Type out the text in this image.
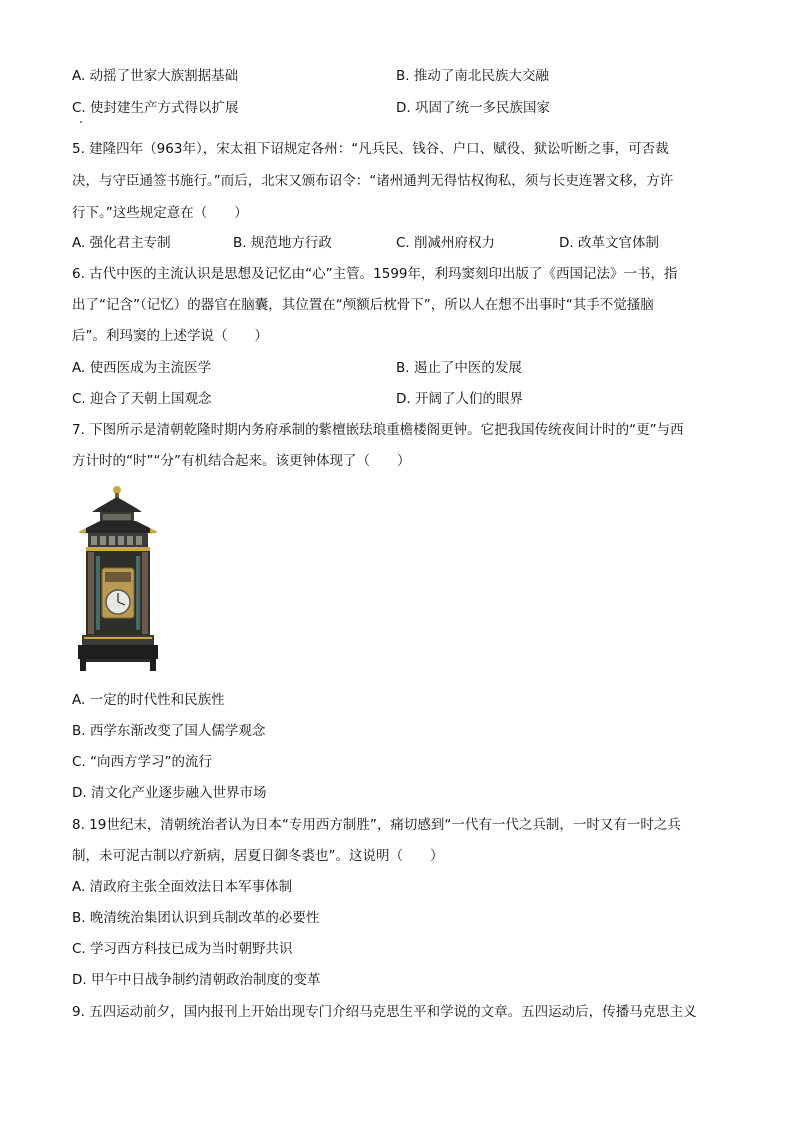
A. 动摇了世家大族割据基础	B. 推动了南北民族大交融
C. 使封建生产方式得以扩展	D. 巩固了统一多民族国家
5. 建隆四年（963年），宋太祖下诏规定各州：“凡兵民、钱谷、户口、赋役、狱讼听断之事，可否裁
决，与守臣通签书施行。”而后，北宋又颁布诏令：“诸州通判无得怙权徇私，须与长吏连署文移，方许
行下。”这些规定意在（　　）
A. 强化君主专制	B. 规范地方行政	C. 削减州府权力	D. 改革文官体制
6. 古代中医的主流认识是思想及记忆由“心”主管。1599年，利玛窦刻印出版了《西国记法》一书，指
出了“记含”（记忆）的器官在脑囊，其位置在“颅额后枕骨下”，所以人在想不出事时“其手不觉搔脑
后”。利玛窦的上述学说（　　）
A. 使西医成为主流医学	B. 遏止了中医的发展
C. 迎合了天朝上国观念	D. 开阔了人们的眼界
7. 下图所示是清朝乾隆时期内务府承制的紫檀嵌珐琅重檐楼阁更钟。它把我国传统夜间计时的“更”与西
方计时的“时”“分”有机结合起来。该更钟体现了（　　）
A. 一定的时代性和民族性
B. 西学东渐改变了国人儒学观念
C. “向西方学习”的流行
D. 清文化产业逐步融入世界市场
8. 19世纪末，清朝统治者认为日本“专用西方制胜”，痛切感到“一代有一代之兵制，一时又有一时之兵
制，未可泥古制以疗新病，居夏日御冬裘也”。这说明（　　）
A. 清政府主张全面效法日本军事体制
B. 晚清统治集团认识到兵制改革的必要性
C. 学习西方科技已成为当时朝野共识
D. 甲午中日战争制约清朝政治制度的变革
9. 五四运动前夕，国内报刊上开始出现专门介绍马克思生平和学说的文章。五四运动后，传播马克思主义
